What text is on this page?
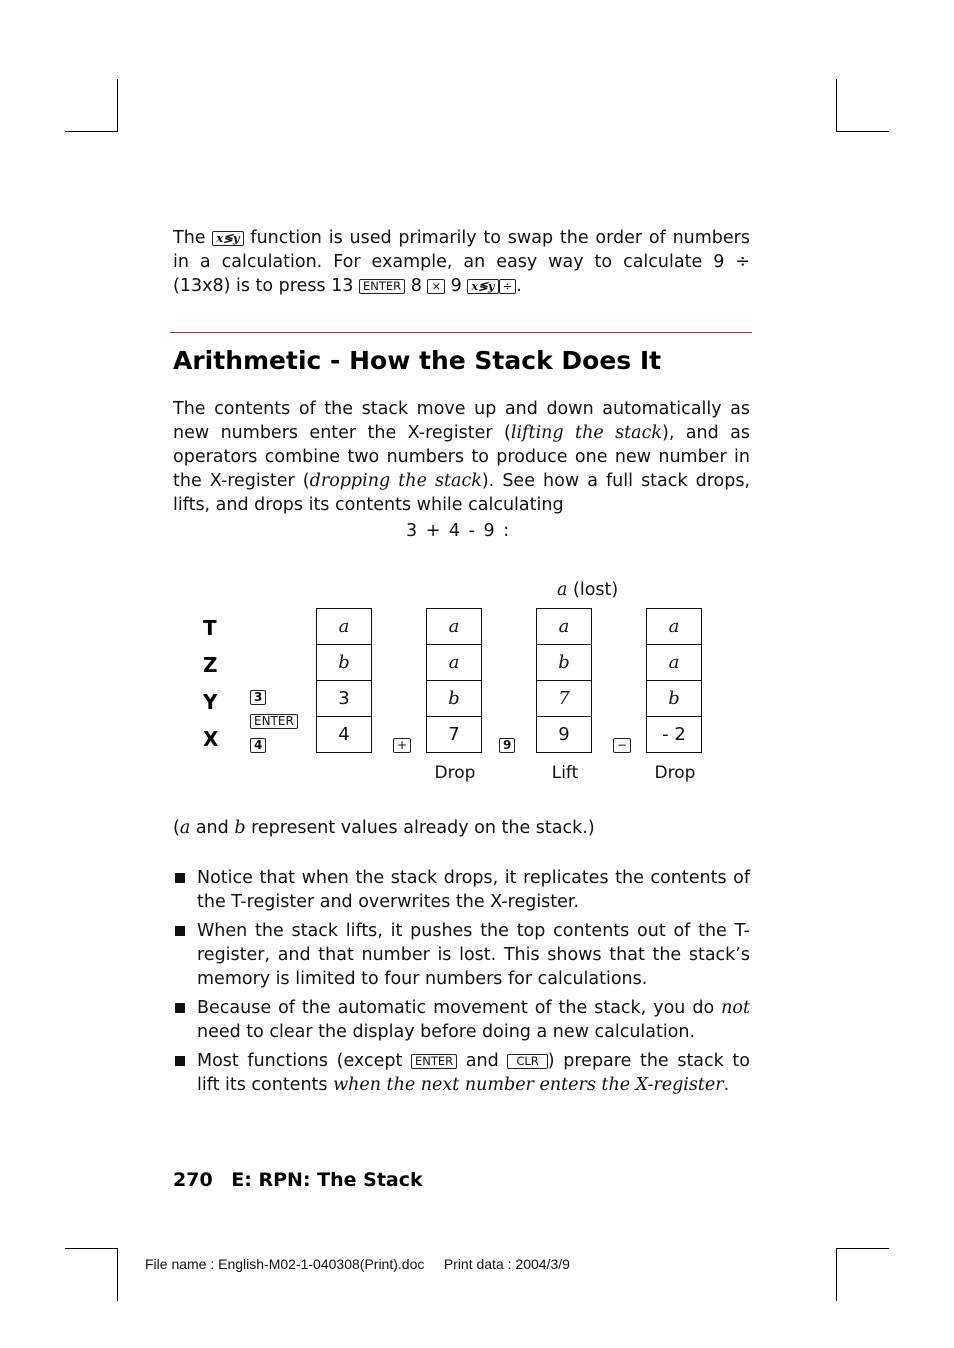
The x≶y function is used primarily to swap the order of numbers in a calculation. For example, an easy way to calculate 9 ÷ (13x8) is to press 13 ENTER 8 × 9 x≶y ÷ .
Arithmetic - How the Stack Does It
The contents of the stack move up and down automatically as new numbers enter the X-register (lifting the stack), and as operators combine two numbers to produce one new number in the X-register (dropping the stack). See how a full stack drops, lifts, and drops its contents while calculating
3 + 4 - 9 :
a (lost)
T
Z
Y
X
3
ENTER
4
a
b
3
4	+
a
a
b
7
Drop
9
a
b
7
9
Lift
−
a
a
b
- 2
Drop
(a and b represent values already on the stack.)
Notice that when the stack drops, it replicates the contents of the T-register and overwrites the X-register.
When the stack lifts, it pushes the top contents out of the T-register, and that number is lost. This shows that the stack’s memory is limited to four numbers for calculations.
Because of the automatic movement of the stack, you do not need to clear the display before doing a new calculation.
Most functions (except ENTER and CLR ) prepare the stack to lift its contents when the next number enters the X-register.
270 E: RPN: The Stack
File name : English-M02-1-040308(Print).doc Print data : 2004/3/9
